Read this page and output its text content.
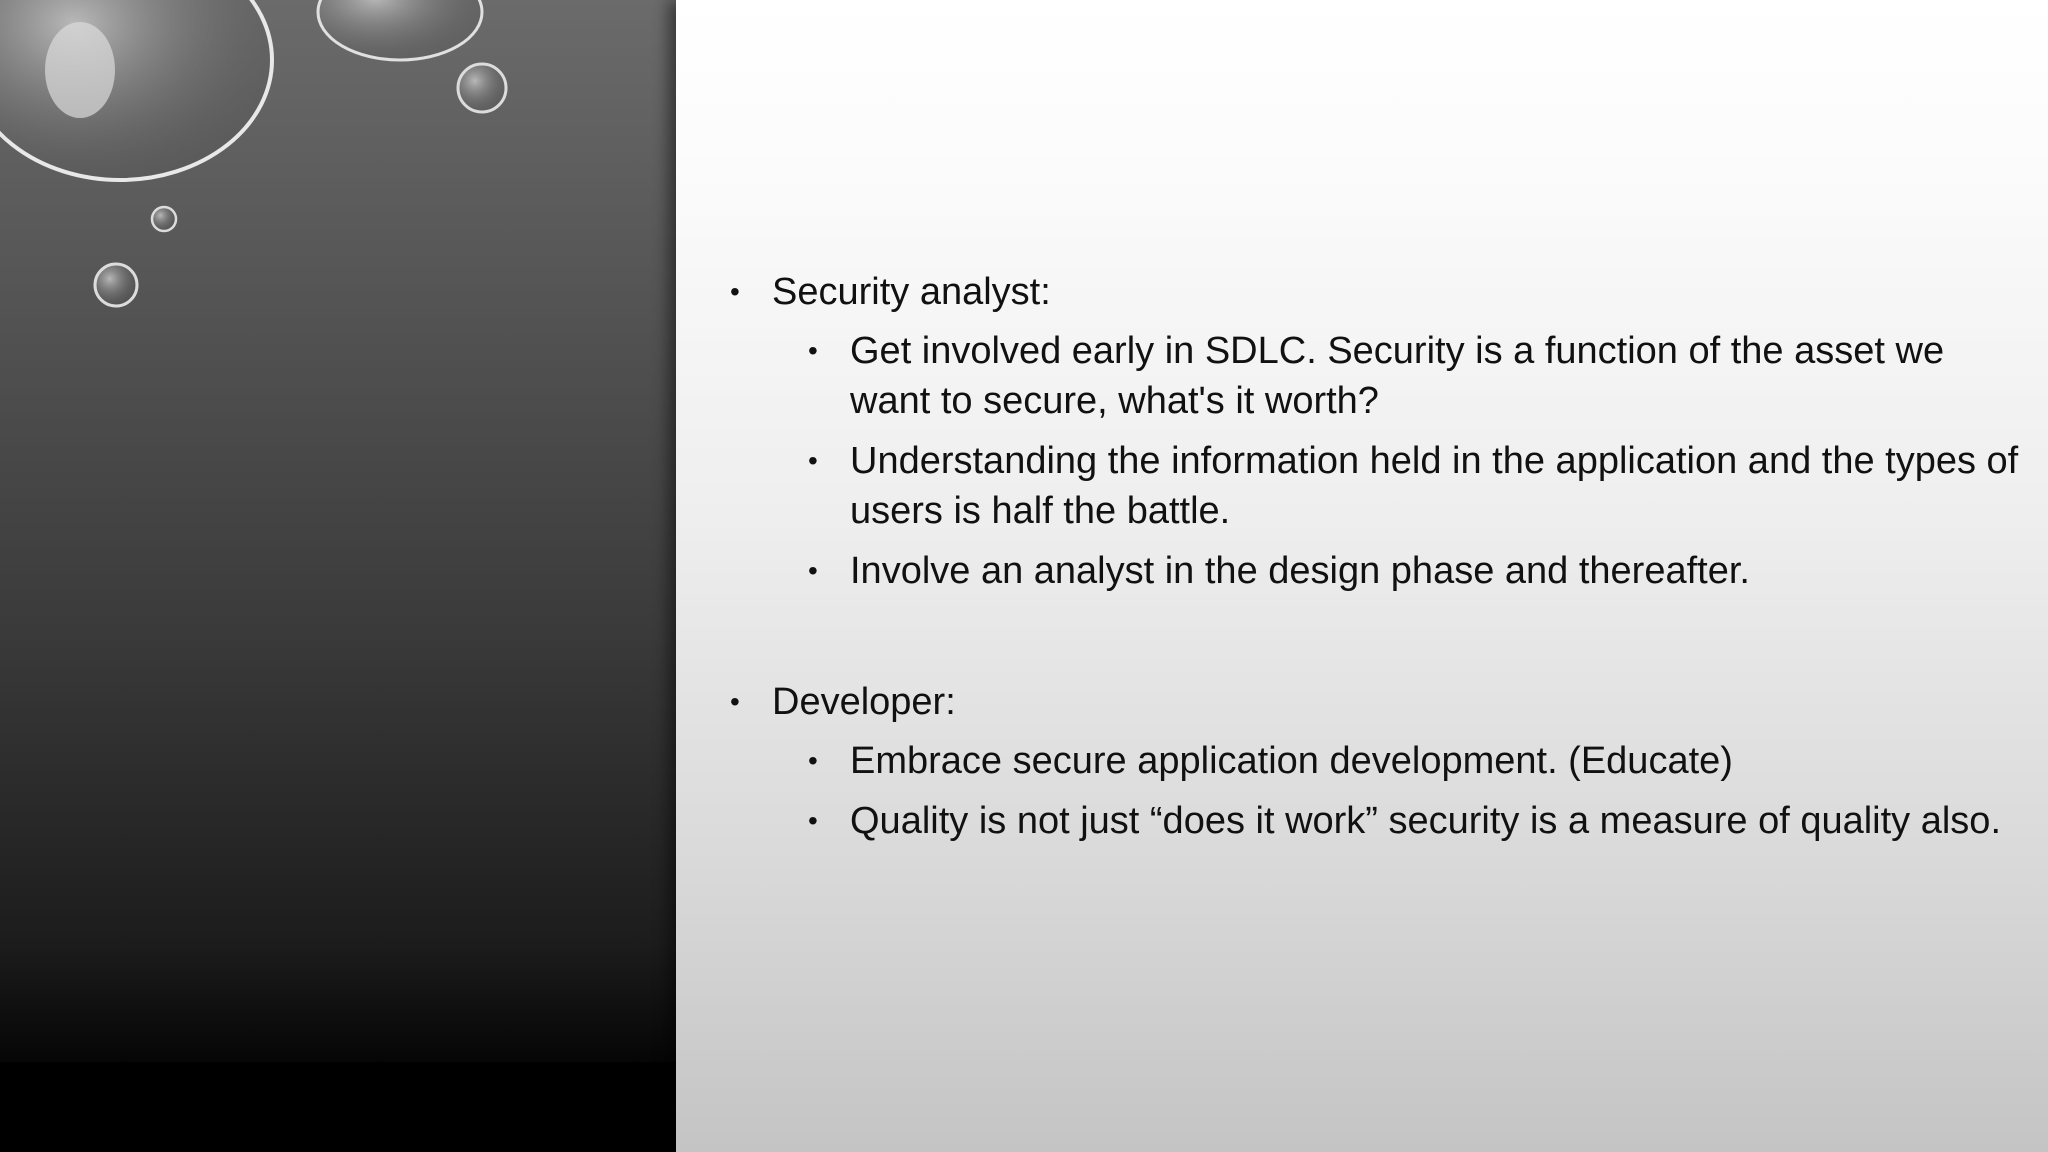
• Security analyst:
• Get involved early in SDLC. Security is a function of the asset we want to secure, what's it worth?
• Understanding the information held in the application and the types of users is half the battle.
• Involve an analyst in the design phase and thereafter.
• Developer:
• Embrace secure application development. (Educate)
• Quality is not just “does it work” security is a measure of quality also.
